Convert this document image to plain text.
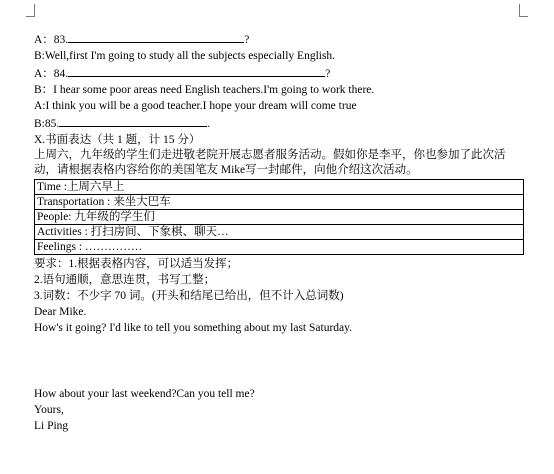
A：83.	?
B:Well,first I'm going to study all the subjects especially English.
A：84.	?
B：I hear some poor areas need English teachers.I'm going to work there.
A:I think you will be a good teacher.I hope your dream will come true
B:85.	.
X.书面表达（共 1 题，计 15 分）
上周六，九年级的学生们走进敬老院开展志愿者服务活动。假如你是李平，你也参加了此次活动，请根据表格内容给你的美国笔友 Mike写一封邮件，向他介绍这次活动。
Time :上周六早上
Transportation : 来坐大巴车
People: 九年级的学生们
Activities : 打扫房间、下象棋、聊天…
Feelings : ……………
要求：1.根据表格内容，可以适当发挥；
2.语句通顺，意思连贯，书写工整；
3.词数：不少字 70 词。(开头和结尾已给出，但不计入总词数)
Dear Mike.
How's it going? I'd like to tell you something about my last Saturday.
How about your last weekend?Can you tell me?
Yours,
Li Ping
